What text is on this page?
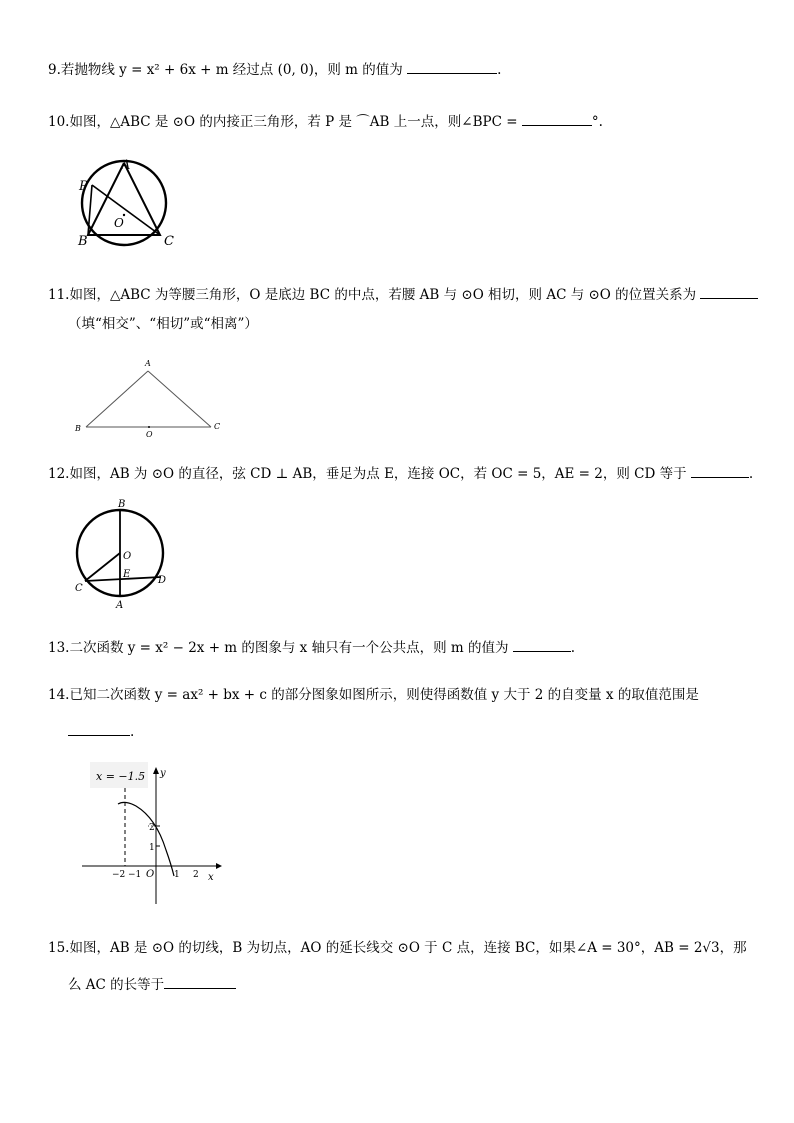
9.若抛物线 y = x² + 6x + m 经过点 (0, 0)，则 m 的值为	.
10.如图，△ABC 是 ⊙O 的内接正三角形，若 P 是 ⌒AB 上一点，则∠BPC =	°.
A
P
B	C
O
11.如图，△ABC 为等腰三角形，O 是底边 BC 的中点，若腰 AB 与 ⊙O 相切，则 AC 与 ⊙O 的位置关系为
（填“相交”、“相切”或“相离”）
A
B	C
O
12.如图，AB 为 ⊙O 的直径，弦 CD ⊥ AB，垂足为点 E，连接 OC，若 OC = 5，AE = 2，则 CD 等于	.
B
O
E
C
D
A
13.二次函数 y = x² − 2x + m 的图象与 x 轴只有一个公共点，则 m 的值为	.
14.已知二次函数 y = ax² + bx + c 的部分图象如图所示，则使得函数值 y 大于 2 的自变量 x 的取值范围是
.
x = −1.5
−2 −1 O 1 2
2
1
y
x
15.如图，AB 是 ⊙O 的切线，B 为切点，AO 的延长线交 ⊙O 于 C 点，连接 BC，如果∠A = 30°，AB = 2√3，那
么 AC 的长等于
